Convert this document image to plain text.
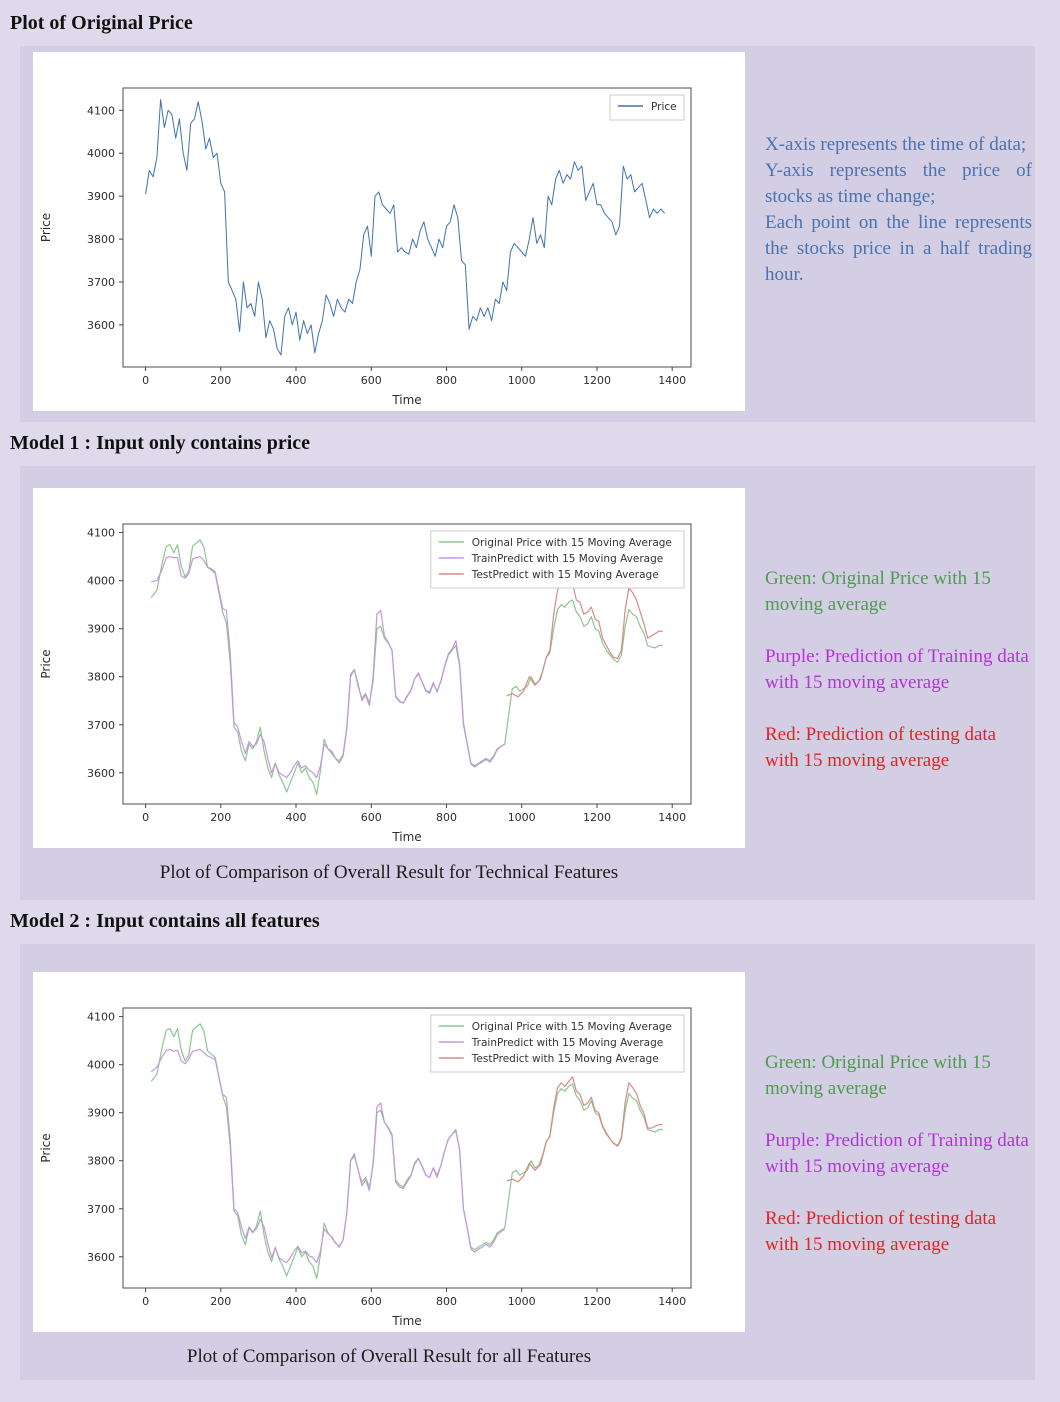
Plot of Original Price
0	200	400	600	800	1000	1200	1400
3600
3700
3800
3900
4000
4100
Time
Price
Price

X-axis represents the time of data;

Y-axis represents the price of stocks as time change;

Each point on the line represents the stocks price in a half trading hour.

Model 1 : Input only contains price
0	200	400	600	800	1000	1200	1400
3600
3700
3800
3900
4000
4100
Time
Price
Original Price with 15 Moving Average
TrainPredict with 15 Moving Average
TestPredict with 15 Moving Average	Green: Original Price with 15 moving average

Purple: Prediction of Training data with 15 moving average

Red: Prediction of testing data with 15 moving average

Plot of Comparison of Overall Result for Technical Features
Model 2 : Input contains all features
0	200	400	600	800	1000	1200	1400
3600
3700
3800
3900
4000
4100
Time
Price
Original Price with 15 Moving Average
TrainPredict with 15 Moving Average
TestPredict with 15 Moving Average	Green: Original Price with 15 moving average

Purple: Prediction of Training data with 15 moving average

Red: Prediction of testing data with 15 moving average

Plot of Comparison of Overall Result for all Features
